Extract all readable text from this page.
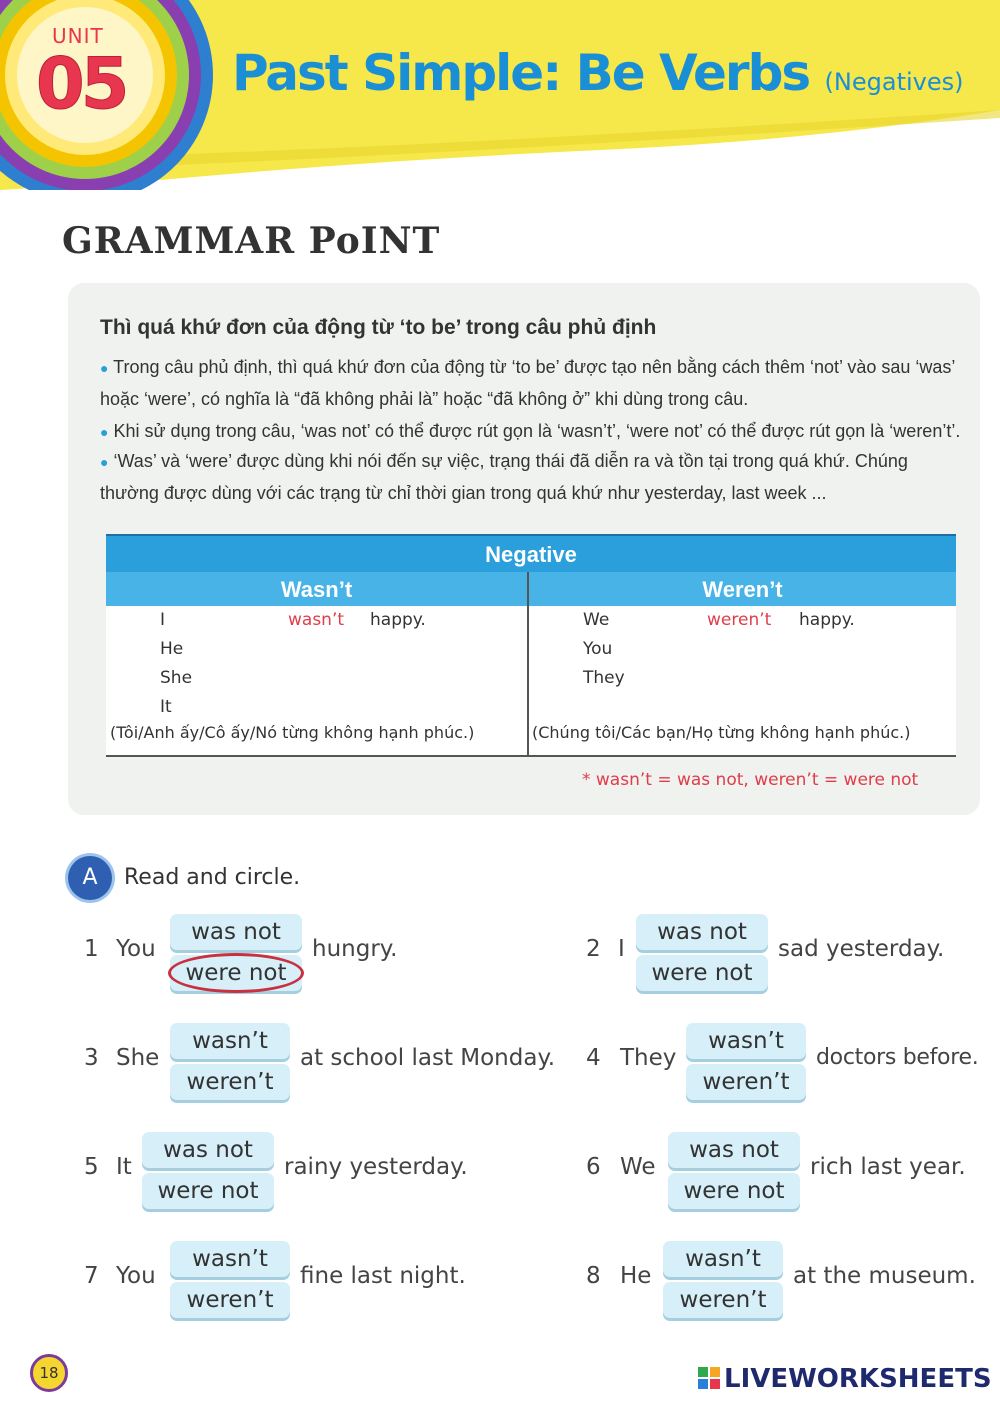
UNIT
05 Past Simple: Be Verbs (Negatives)
GRAMMAR PoINT
Thì quá khứ đơn của động từ ‘to be’ trong câu phủ định
● Trong câu phủ định, thì quá khứ đơn của động từ ‘to be’ được tạo nên bằng cách thêm ‘not’ vào sau ‘was’
hoặc ‘were’, có nghĩa là “đã không phải là” hoặc “đã không ở” khi dùng trong câu.
● Khi sử dụng trong câu, ‘was not’ có thể được rút gọn là ‘wasn’t’, ‘were not’ có thể được rút gọn là ‘weren’t’.
● ‘Was’ và ‘were’ được dùng khi nói đến sự việc, trạng thái đã diễn ra và tồn tại trong quá khứ. Chúng
thường được dùng với các trạng từ chỉ thời gian trong quá khứ như yesterday, last week ...
Negative
Wasn’t	Weren’t
I	wasn’t happy.
He
She
It
(Tôi/Anh ấy/Cô ấy/Nó từng không hạnh phúc.)
We	weren’t happy.
You
They
(Chúng tôi/Các bạn/Họ từng không hạnh phúc.)
* wasn’t = was not, weren’t = were not
A	Read and circle.
1 You
was not
were not
hungry.	2 I
was not
were not
sad yesterday.
3 She
wasn’t
weren’t
at school last Monday. 4 They
wasn’t
weren’t
doctors before.
5 It
was not
were not
rainy yesterday.	6 We
was not
were not
rich last year.
7 You
wasn’t
weren’t
fine last night.	8 He
wasn’t
weren’t
at the museum.
18	LIVEWORKSHEETS
